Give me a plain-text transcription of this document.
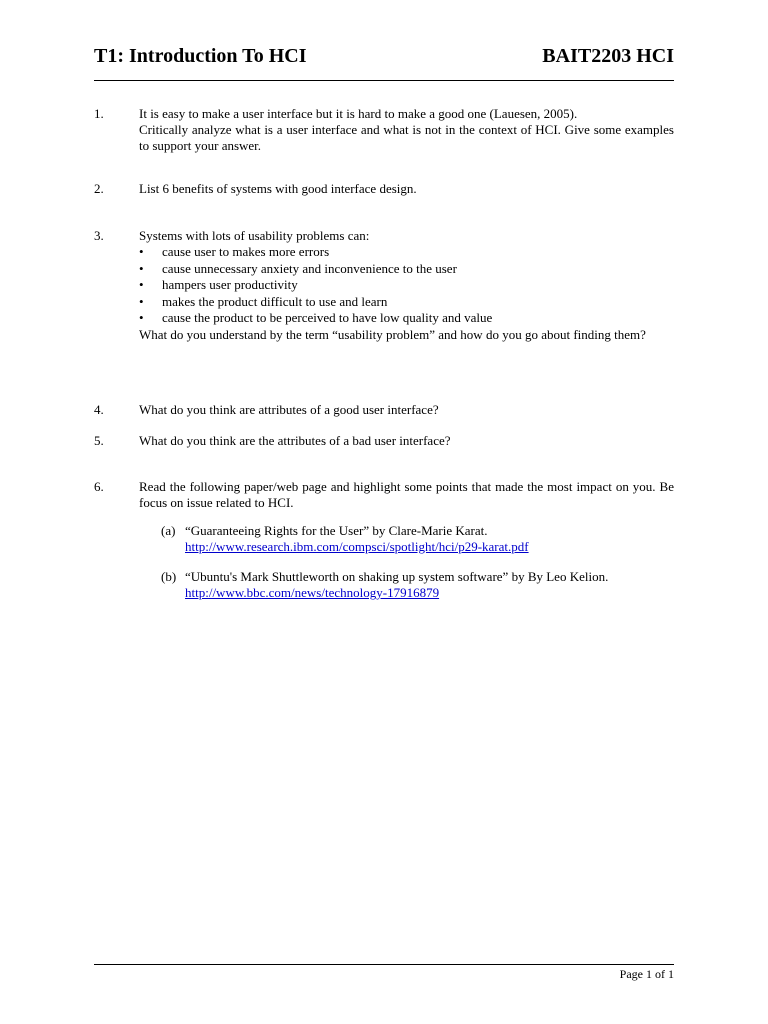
T1: Introduction To HCI	BAIT2203 HCI
1.	It is easy to make a user interface but it is hard to make a good one (Lauesen, 2005).

Critically analyze what is a user interface and what is not in the context of HCI. Give some examples to support your answer.

2.	List 6 benefits of systems with good interface design.

3.	Systems with lots of usability problems can:

• cause user to makes more errors
• cause unnecessary anxiety and inconvenience to the user
• hampers user productivity
• makes the product difficult to use and learn
• cause the product to be perceived to have low quality and value

What do you understand by the term “usability problem” and how do you go about finding them?

4.	What do you think are attributes of a good user interface?

5.	What do you think are the attributes of a bad user interface?

6.	Read the following paper/web page and highlight some points that made the most impact on you. Be focus on issue related to HCI.

(a) “Guaranteeing Rights for the User” by Clare-Marie Karat.

http://www.research.ibm.com/compsci/spotlight/hci/p29-karat.pdf

(b) “Ubuntu's Mark Shuttleworth on shaking up system software” by By Leo Kelion.

http://www.bbc.com/news/technology-17916879

Page 1 of 1
